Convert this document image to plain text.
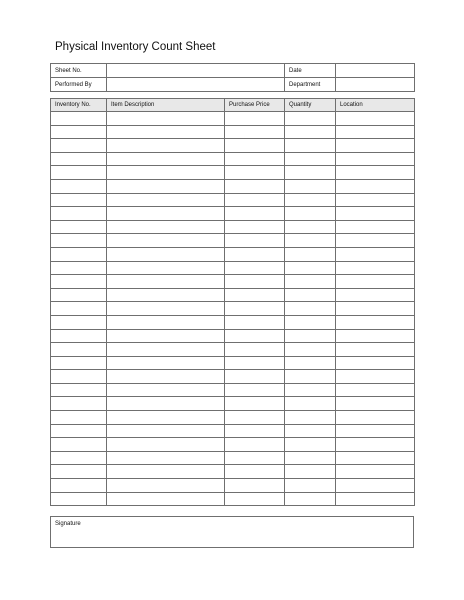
Physical Inventory Count Sheet
Sheet No.		Date	
Performed By		Department	
Inventory No.	Item Description	Purchase Price	Quantity	Location

Signature
